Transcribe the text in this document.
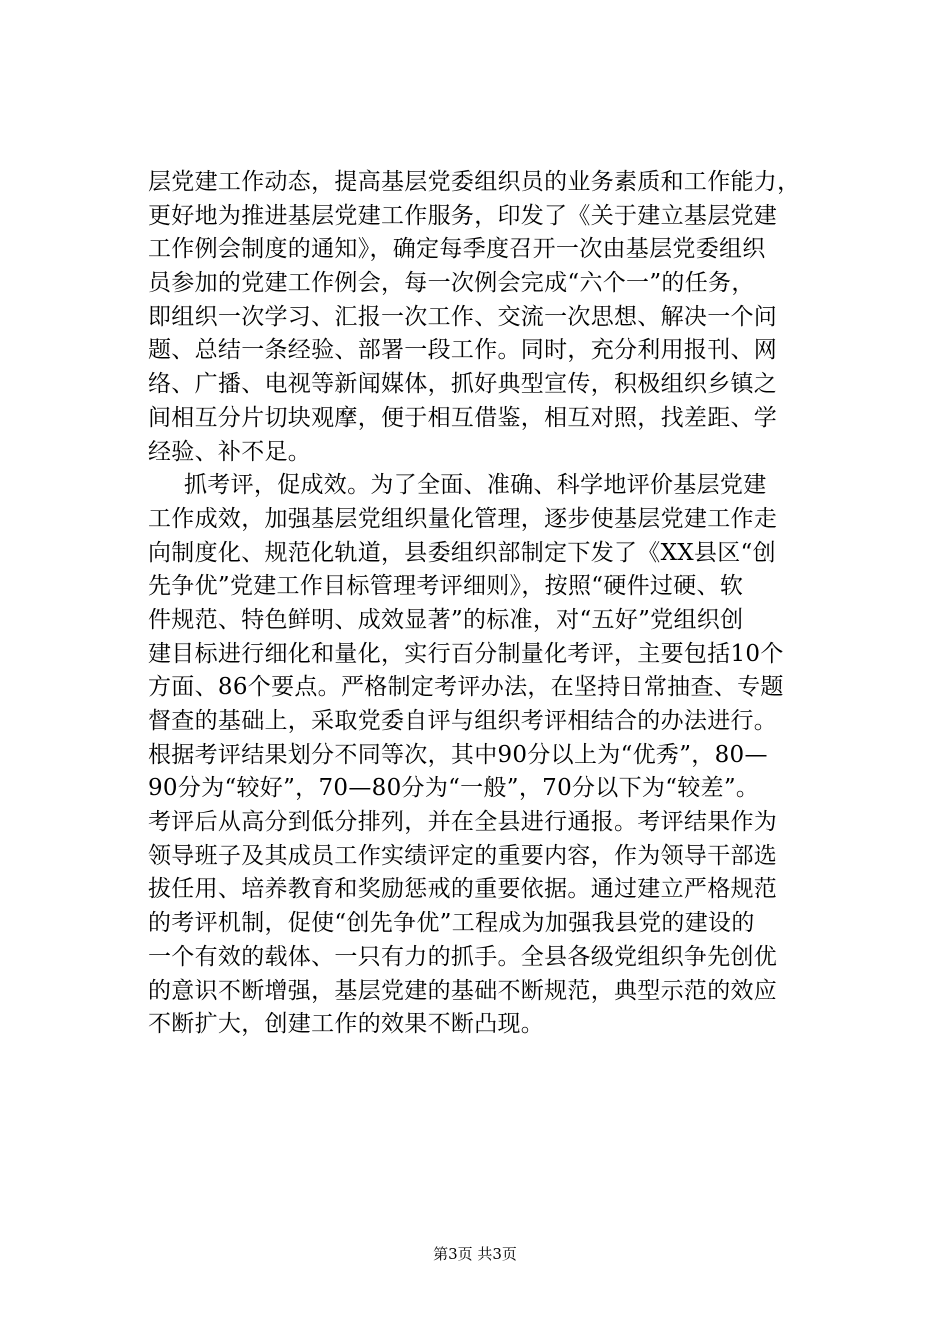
层党建工作动态，提高基层党委组织员的业务素质和工作能力，
更好地为推进基层党建工作服务，印发了《关于建立基层党建
工作例会制度的通知》，确定每季度召开一次由基层党委组织
员参加的党建工作例会，每一次例会完成“六个一”的任务，
即组织一次学习、汇报一次工作、交流一次思想、解决一个问
题、总结一条经验、部署一段工作。同时，充分利用报刊、网
络、广播、电视等新闻媒体，抓好典型宣传，积极组织乡镇之
间相互分片切块观摩，便于相互借鉴，相互对照，找差距、学
经验、补不足。
抓考评，促成效。为了全面、准确、科学地评价基层党建
工作成效，加强基层党组织量化管理，逐步使基层党建工作走
向制度化、规范化轨道，县委组织部制定下发了《XX县区“创
先争优”党建工作目标管理考评细则》，按照“硬件过硬、软
件规范、特色鲜明、成效显著”的标准，对“五好”党组织创
建目标进行细化和量化，实行百分制量化考评，主要包括10个
方面、86个要点。严格制定考评办法，在坚持日常抽查、专题
督查的基础上，采取党委自评与组织考评相结合的办法进行。
根据考评结果划分不同等次，其中90分以上为“优秀”，80—
90分为“较好”，70—80分为“一般”，70分以下为“较差”。
考评后从高分到低分排列，并在全县进行通报。考评结果作为
领导班子及其成员工作实绩评定的重要内容，作为领导干部选
拔任用、培养教育和奖励惩戒的重要依据。通过建立严格规范
的考评机制，促使“创先争优”工程成为加强我县党的建设的
一个有效的载体、一只有力的抓手。全县各级党组织争先创优
的意识不断增强，基层党建的基础不断规范，典型示范的效应
不断扩大，创建工作的效果不断凸现。
第3页 共3页
